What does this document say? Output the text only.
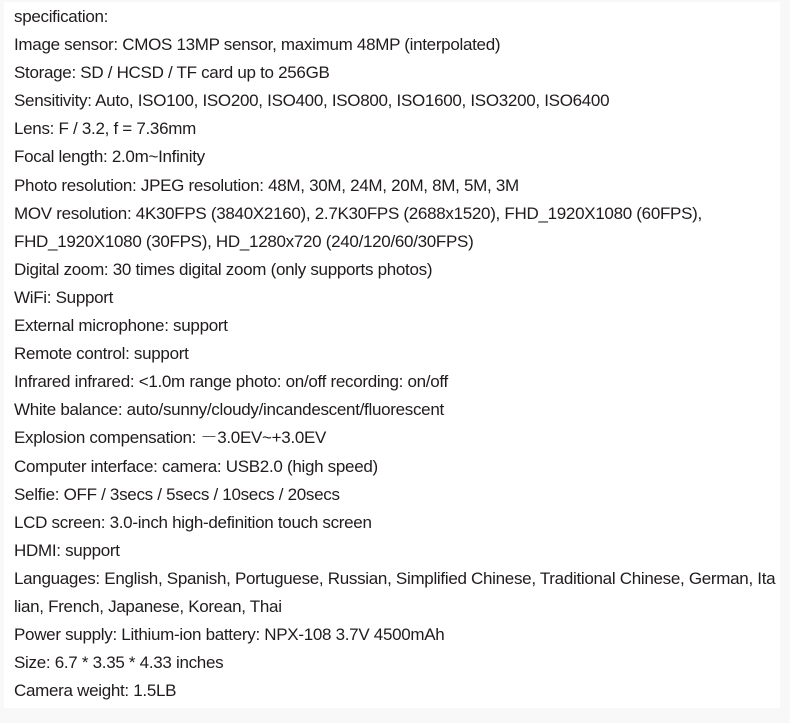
specification:
Image sensor: CMOS 13MP sensor, maximum 48MP (interpolated)
Storage: SD / HCSD / TF card up to 256GB
Sensitivity: Auto, ISO100, ISO200, ISO400, ISO800, ISO1600, ISO3200, ISO6400
Lens: F / 3.2, f = 7.36mm
Focal length: 2.0m~Infinity
Photo resolution: JPEG resolution: 48M, 30M, 24M, 20M, 8M, 5M, 3M
MOV resolution: 4K30FPS (3840X2160), 2.7K30FPS (2688x1520), FHD_1920X1080 (60FPS),
FHD_1920X1080 (30FPS), HD_1280x720 (240/120/60/30FPS)
Digital zoom: 30 times digital zoom (only supports photos)
WiFi: Support
External microphone: support
Remote control: support
Infrared infrared: <1.0m range photo: on/off recording: on/off
White balance: auto/sunny/cloudy/incandescent/fluorescent
Explosion compensation: －3.0EV~+3.0EV
Computer interface: camera: USB2.0 (high speed)
Selfie: OFF / 3secs / 5secs / 10secs / 20secs
LCD screen: 3.0-inch high-definition touch screen
HDMI: support
Languages: English, Spanish, Portuguese, Russian, Simplified Chinese, Traditional Chinese, German, Ita
lian, French, Japanese, Korean, Thai
Power supply: Lithium-ion battery: NPX-108 3.7V 4500mAh
Size: 6.7 * 3.35 * 4.33 inches
Camera weight: 1.5LB
